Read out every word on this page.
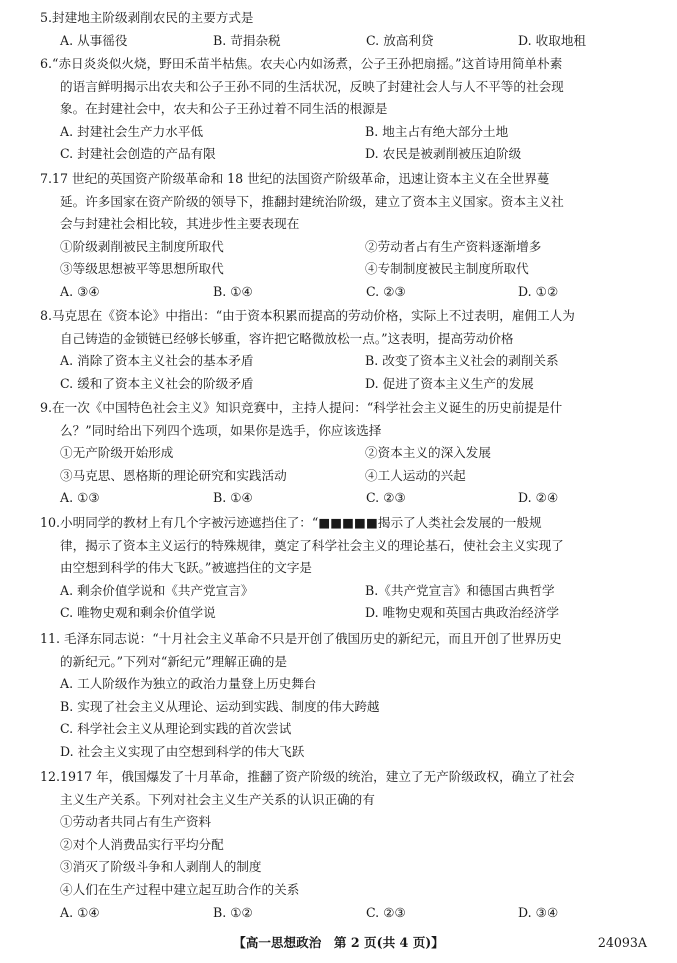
5.封建地主阶级剥削农民的主要方式是
A. 从事徭役	B. 苛捐杂税	C. 放高利贷	D. 收取地租
6.“赤日炎炎似火烧，野田禾苗半枯焦。农夫心内如汤煮，公子王孙把扇摇。”这首诗用简单朴素
的语言鲜明揭示出农夫和公子王孙不同的生活状况，反映了封建社会人与人不平等的社会现
象。在封建社会中，农夫和公子王孙过着不同生活的根源是
A. 封建社会生产力水平低	B. 地主占有绝大部分土地
C. 封建社会创造的产品有限	D. 农民是被剥削被压迫阶级
7.17 世纪的英国资产阶级革命和 18 世纪的法国资产阶级革命，迅速让资本主义在全世界蔓
延。许多国家在资产阶级的领导下，推翻封建统治阶级，建立了资本主义国家。资本主义社
会与封建社会相比较，其进步性主要表现在
①阶级剥削被民主制度所取代	②劳动者占有生产资料逐渐增多
③等级思想被平等思想所取代	④专制制度被民主制度所取代
A. ③④	B. ①④	C. ②③	D. ①②
8.马克思在《资本论》中指出：“由于资本积累而提高的劳动价格，实际上不过表明，雇佣工人为
自己铸造的金锁链已经够长够重，容许把它略微放松一点。”这表明，提高劳动价格
A. 消除了资本主义社会的基本矛盾	B. 改变了资本主义社会的剥削关系
C. 缓和了资本主义社会的阶级矛盾	D. 促进了资本主义生产的发展
9.在一次《中国特色社会主义》知识竞赛中，主持人提问：“科学社会主义诞生的历史前提是什
么？”同时给出下列四个选项，如果你是选手，你应该选择
①无产阶级开始形成	②资本主义的深入发展
③马克思、恩格斯的理论研究和实践活动	④工人运动的兴起
A. ①③	B. ①④	C. ②③	D. ②④
10.小明同学的教材上有几个字被污迹遮挡住了：“■■■■■揭示了人类社会发展的一般规
律，揭示了资本主义运行的特殊规律，奠定了科学社会主义的理论基石，使社会主义实现了
由空想到科学的伟大飞跃。”被遮挡住的文字是
A. 剩余价值学说和《共产党宣言》	B.《共产党宣言》和德国古典哲学
C. 唯物史观和剩余价值学说	D. 唯物史观和英国古典政治经济学
11. 毛泽东同志说：“十月社会主义革命不只是开创了俄国历史的新纪元，而且开创了世界历史
的新纪元。”下列对“新纪元”理解正确的是
A. 工人阶级作为独立的政治力量登上历史舞台
B. 实现了社会主义从理论、运动到实践、制度的伟大跨越
C. 科学社会主义从理论到实践的首次尝试
D. 社会主义实现了由空想到科学的伟大飞跃
12.1917 年，俄国爆发了十月革命，推翻了资产阶级的统治，建立了无产阶级政权，确立了社会
主义生产关系。下列对社会主义生产关系的认识正确的有
①劳动者共同占有生产资料
②对个人消费品实行平均分配
③消灭了阶级斗争和人剥削人的制度
④人们在生产过程中建立起互助合作的关系
A. ①④	B. ①②	C. ②③	D. ③④
【高一思想政治　第 2 页(共 4 页)】	24093A
